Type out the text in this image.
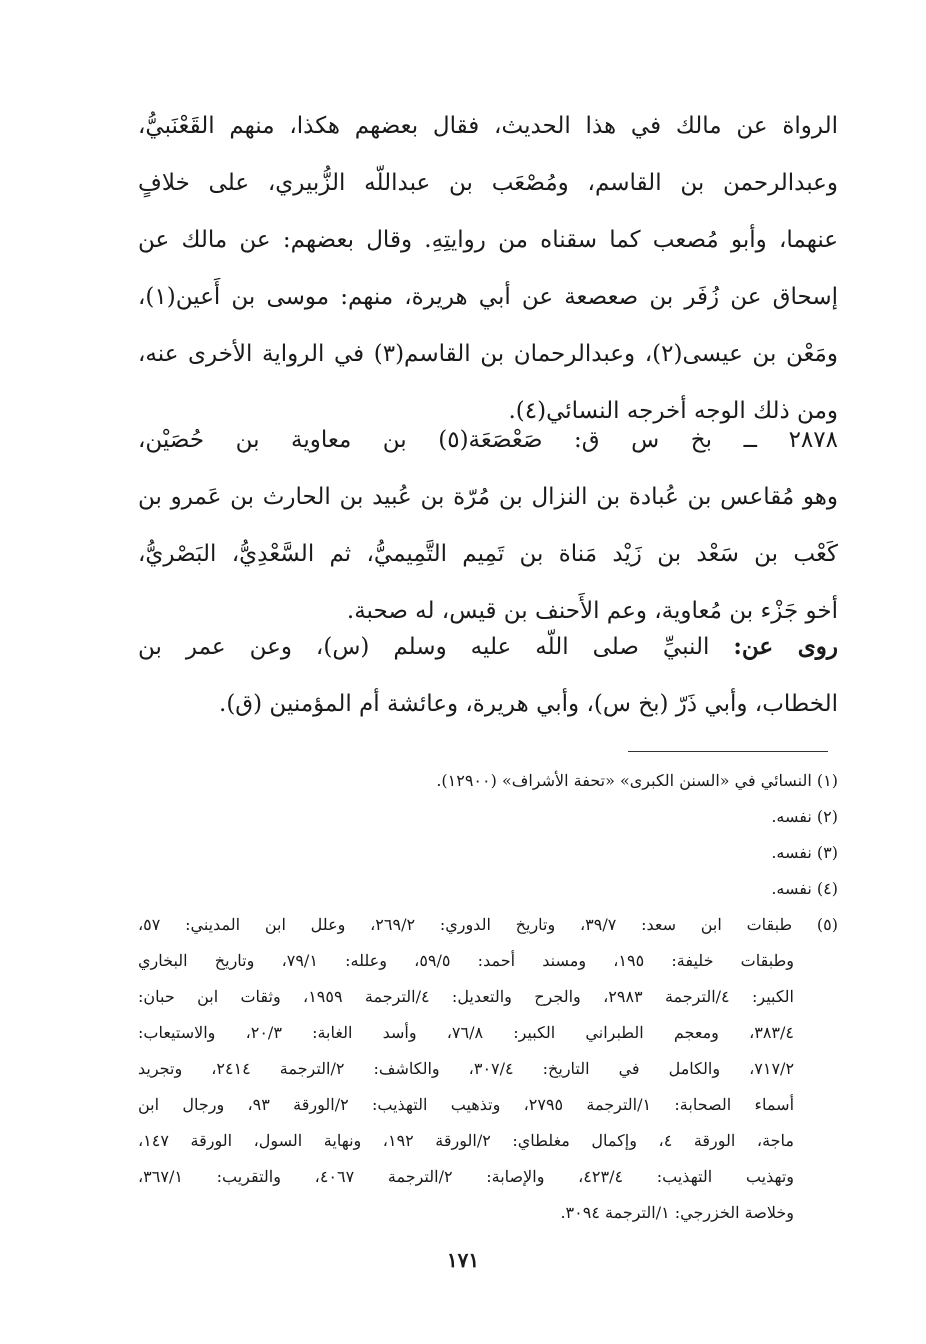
الرواة عن مالك في هذا الحديث، فقال بعضهم هكذا، منهم القَعْنَبيُّ،
وعبدالرحمن بن القاسم، ومُصْعَب بن عبداللّه الزُّبيري، على خلافٍ
عنهما، وأبو مُصعب كما سقناه من روايتِهِ. وقال بعضهم: عن مالك عن
إسحاق عن زُفَر بن صعصعة عن أبي هريرة، منهم: موسى بن أَعين(١)،
ومَعْن بن عيسى(٢)، وعبدالرحمان بن القاسم(٣) في الرواية الأخرى عنه،
ومن ذلك الوجه أخرجه النسائي(٤).
٢٨٧٨ ــ بخ س ق: صَعْصَعَة(٥) بن معاوية بن حُصَيْن،
وهو مُقاعس بن عُبادة بن النزال بن مُرّة بن عُبيد بن الحارث بن عَمرو بن
كَعْب بن سَعْد بن زَيْد مَناة بن تَمِيم التَّمِيميُّ، ثم السَّعْدِيُّ، البَصْريُّ،
أخو جَزْء بن مُعاوية، وعم الأَحنف بن قيس، له صحبة.
روى عن: النبيِّ صلى اللّه عليه وسلم (س)، وعن عمر بن
الخطاب، وأبي ذَرّ (بخ س)، وأبي هريرة، وعائشة أم المؤمنين (ق).
(١) النسائي في «السنن الكبرى» «تحفة الأشراف» (١٢٩٠٠).
(٢) نفسه.
(٣) نفسه.
(٤) نفسه.
(٥) طبقات ابن سعد: ٣٩/٧، وتاريخ الدوري: ٢٦٩/٢، وعلل ابن المديني: ٥٧،
وطبقات خليفة: ١٩٥، ومسند أحمد: ٥٩/٥، وعلله: ٧٩/١، وتاريخ البخاري
الكبير: ٤/الترجمة ٢٩٨٣، والجرح والتعديل: ٤/الترجمة ١٩٥٩، وثقات ابن حبان:
٣٨٣/٤، ومعجم الطبراني الكبير: ٧٦/٨، وأسد الغابة: ٢٠/٣، والاستيعاب:
٧١٧/٢، والكامل في التاريخ: ٣٠٧/٤، والكاشف: ٢/الترجمة ٢٤١٤، وتجريد
أسماء الصحابة: ١/الترجمة ٢٧٩٥، وتذهيب التهذيب: ٢/الورقة ٩٣، ورجال ابن
ماجة، الورقة ٤، وإكمال مغلطاي: ٢/الورقة ١٩٢، ونهاية السول، الورقة ١٤٧،
وتهذيب التهذيب: ٤٢٣/٤، والإصابة: ٢/الترجمة ٤٠٦٧، والتقريب: ٣٦٧/١،
وخلاصة الخزرجي: ١/الترجمة ٣٠٩٤.
١٧١
